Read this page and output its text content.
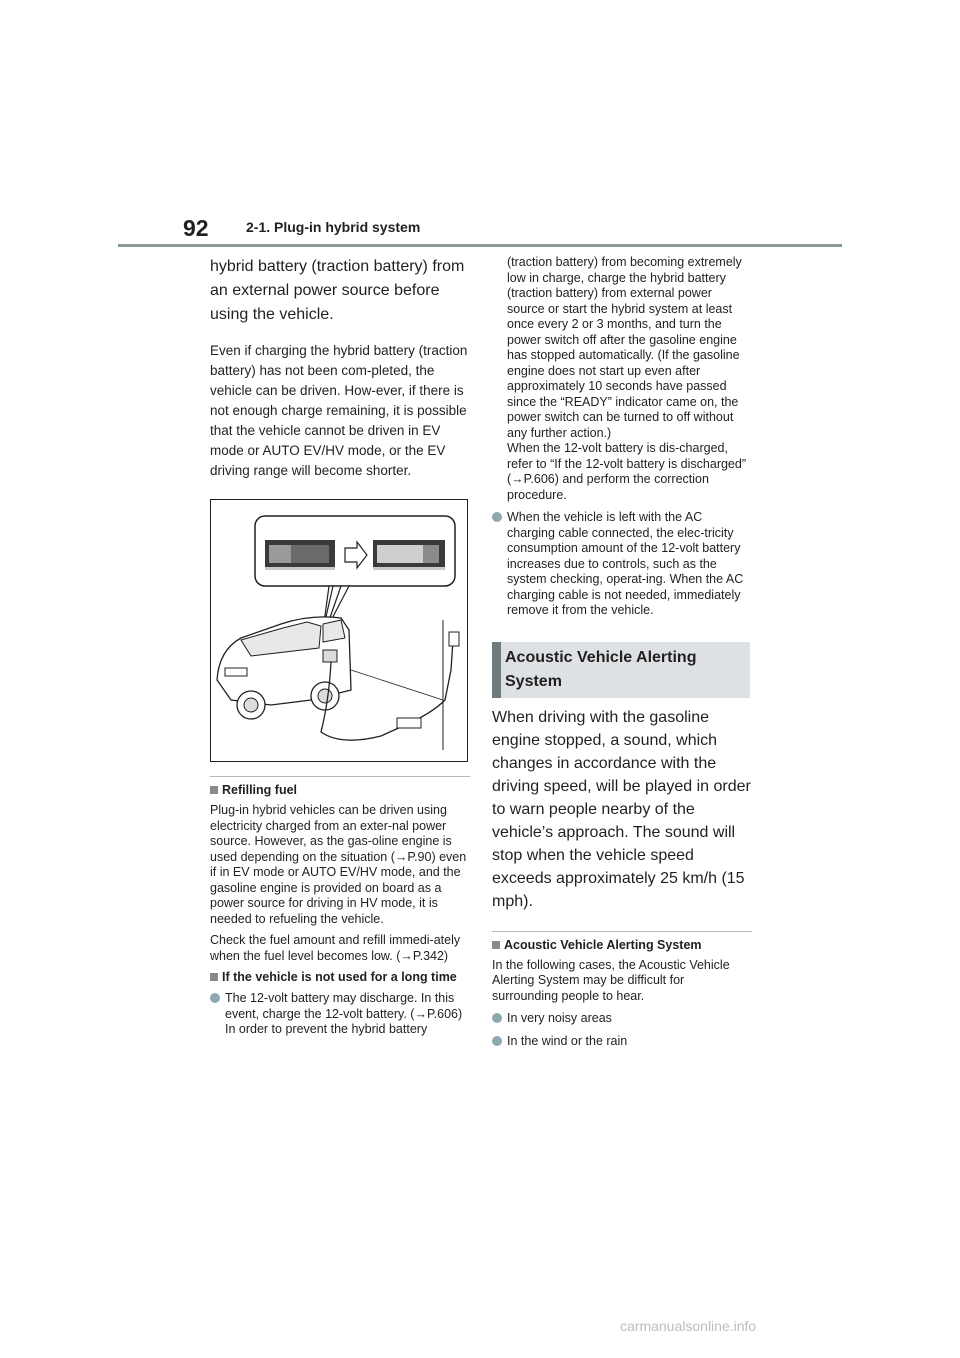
92	2-1. Plug-in hybrid system

hybrid battery (traction battery) from an external power source before using the vehicle.

Even if charging the hybrid battery (traction battery) has not been com-pleted, the vehicle can be driven. How-ever, if there is not enough charge remaining, it is possible that the vehicle cannot be driven in EV mode or AUTO EV/HV mode, or the EV driving range will become shorter.

Refilling fuel

Plug-in hybrid vehicles can be driven using electricity charged from an exter-nal power source. However, as the gas-oline engine is used depending on the situation (→P.90) even if in EV mode or AUTO EV/HV mode, and the gasoline engine is provided on board as a power source for driving in HV mode, it is needed to refueling the vehicle.

Check the fuel amount and refill immedi-ately when the fuel level becomes low. (→P.342)

If the vehicle is not used for a long time

The 12-volt battery may discharge. In this event, charge the 12-volt battery. (→P.606)
In order to prevent the hybrid battery

(traction battery) from becoming extremely low in charge, charge the hybrid battery (traction battery) from external power source or start the hybrid system at least once every 2 or 3 months, and turn the power switch off after the gasoline engine has stopped automatically. (If the gasoline engine does not start up even after approximately 10 seconds have passed since the “READY” indicator came on, the power switch can be turned to off without any further action.)
When the 12-volt battery is dis-charged, refer to “If the 12-volt battery is discharged” (→P.606) and perform the correction procedure.

When the vehicle is left with the AC charging cable connected, the elec-tricity consumption amount of the 12-volt battery increases due to controls, such as the system checking, operat-ing. When the AC charging cable is not needed, immediately remove it from the vehicle.

Acoustic Vehicle Alerting System

When driving with the gasoline engine stopped, a sound, which changes in accordance with the driving speed, will be played in order to warn people nearby of the vehicle’s approach. The sound will stop when the vehicle speed exceeds approximately 25 km/h (15 mph).

Acoustic Vehicle Alerting System

In the following cases, the Acoustic Vehicle Alerting System may be difficult for surrounding people to hear.

In very noisy areas

In the wind or the rain

carmanualsonline.info
